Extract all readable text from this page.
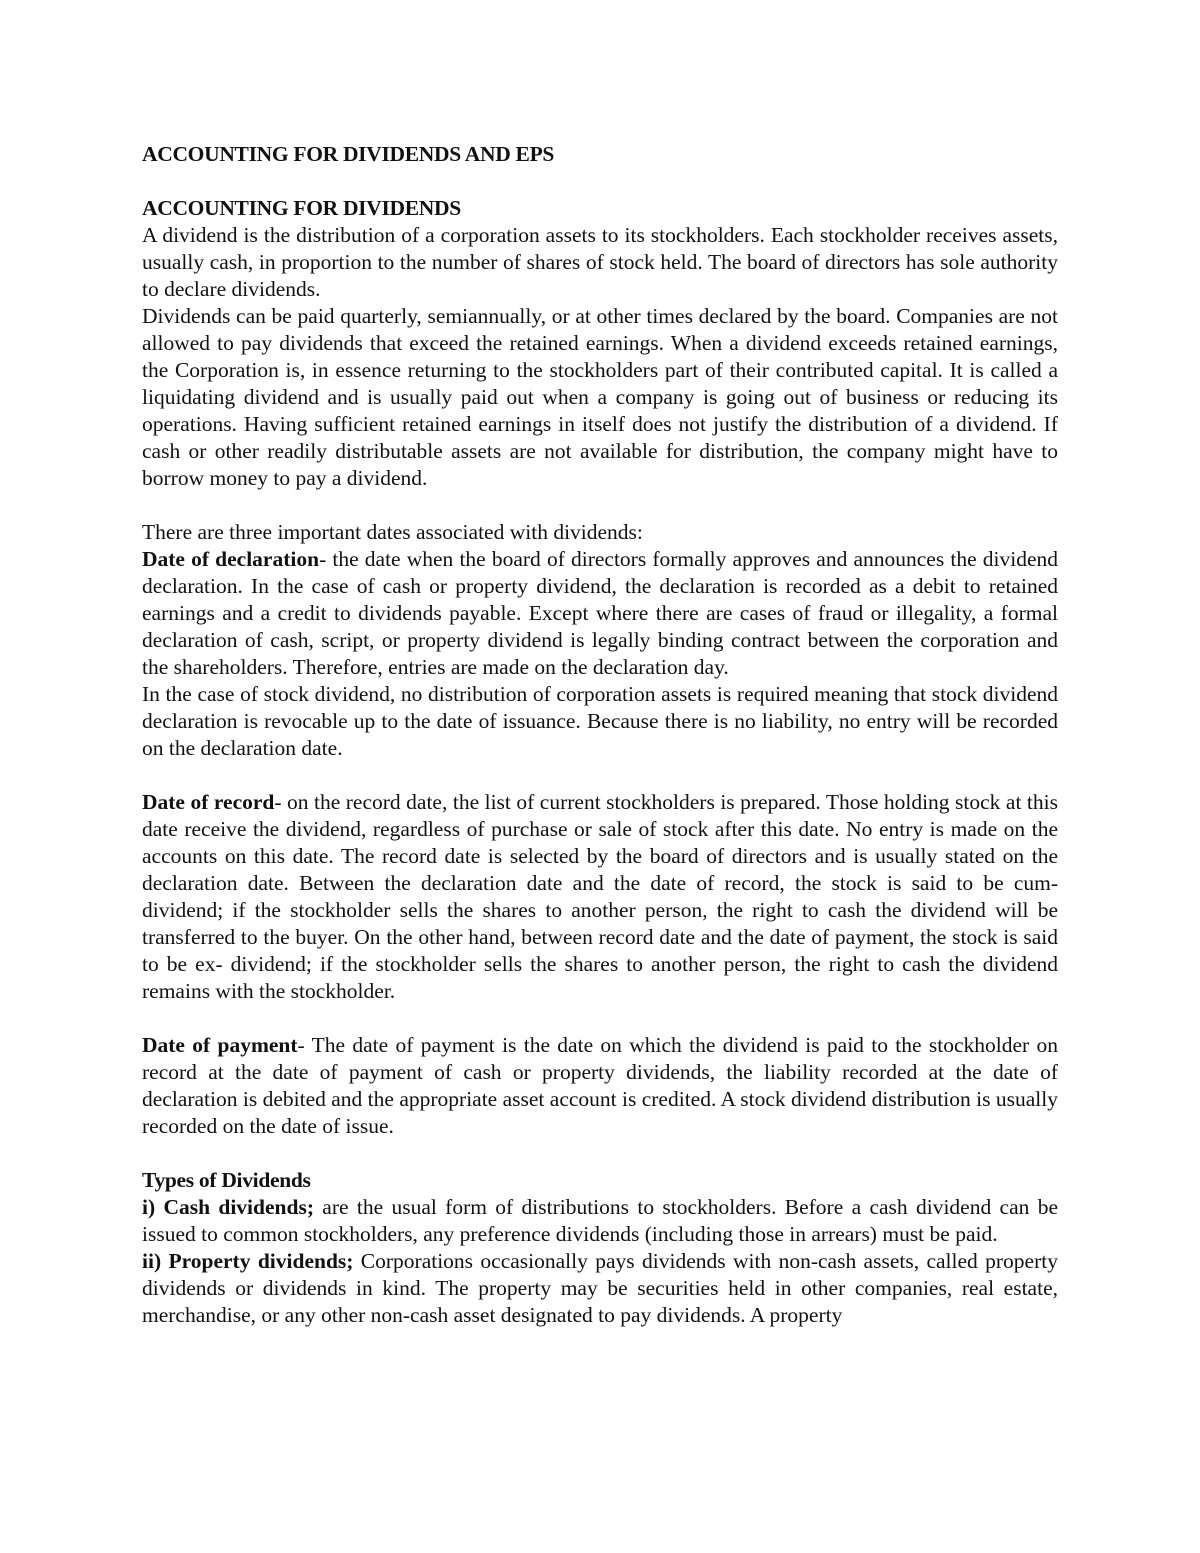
ACCOUNTING FOR DIVIDENDS AND EPS

ACCOUNTING FOR DIVIDENDS

A dividend is the distribution of a corporation assets to its stockholders. Each stockholder receives assets, usually cash, in proportion to the number of shares of stock held. The board of directors has sole authority to declare dividends.

Dividends can be paid quarterly, semiannually, or at other times declared by the board. Companies are not allowed to pay dividends that exceed the retained earnings. When a dividend exceeds retained earnings, the Corporation is, in essence returning to the stockholders part of their contributed capital. It is called a liquidating dividend and is usually paid out when a company is going out of business or reducing its operations. Having sufficient retained earnings in itself does not justify the distribution of a dividend. If cash or other readily distributable assets are not available for distribution, the company might have to borrow money to pay a dividend.

There are three important dates associated with dividends:

Date of declaration- the date when the board of directors formally approves and announces the dividend declaration. In the case of cash or property dividend, the declaration is recorded as a debit to retained earnings and a credit to dividends payable. Except where there are cases of fraud or illegality, a formal declaration of cash, script, or property dividend is legally binding contract between the corporation and the shareholders. Therefore, entries are made on the declaration day.

In the case of stock dividend, no distribution of corporation assets is required meaning that stock dividend declaration is revocable up to the date of issuance. Because there is no liability, no entry will be recorded on the declaration date.

Date of record- on the record date, the list of current stockholders is prepared. Those holding stock at this date receive the dividend, regardless of purchase or sale of stock after this date. No entry is made on the accounts on this date. The record date is selected by the board of directors and is usually stated on the declaration date. Between the declaration date and the date of record, the stock is said to be cum- dividend; if the stockholder sells the shares to another person, the right to cash the dividend will be transferred to the buyer. On the other hand, between record date and the date of payment, the stock is said to be ex- dividend; if the stockholder sells the shares to another person, the right to cash the dividend remains with the stockholder.

Date of payment- The date of payment is the date on which the dividend is paid to the stockholder on record at the date of payment of cash or property dividends, the liability recorded at the date of declaration is debited and the appropriate asset account is credited. A stock dividend distribution is usually recorded on the date of issue.

Types of Dividends

i) Cash dividends; are the usual form of distributions to stockholders. Before a cash dividend can be issued to common stockholders, any preference dividends (including those in arrears) must be paid.

ii) Property dividends; Corporations occasionally pays dividends with non-cash assets, called property dividends or dividends in kind. The property may be securities held in other companies, real estate, merchandise, or any other non-cash asset designated to pay dividends. A property
